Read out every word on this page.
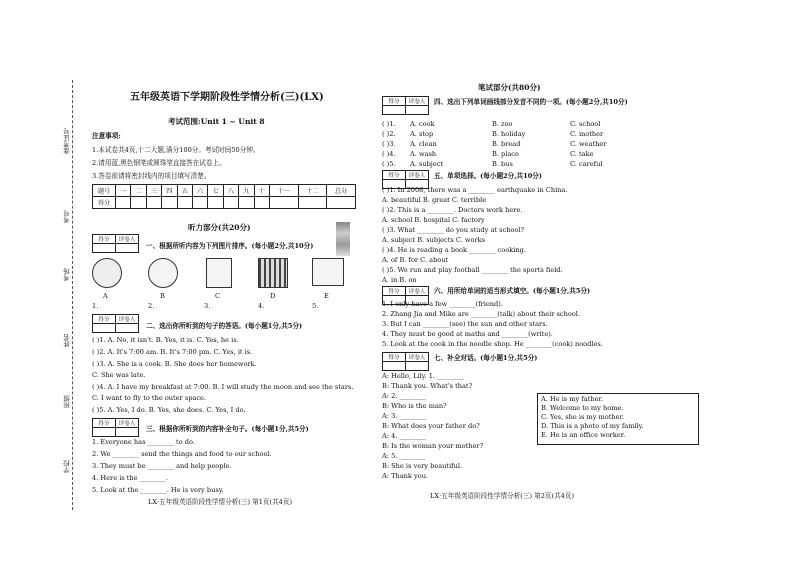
准考证号
考号
考场
姓名
班级
学校
五年级英语下学期阶段性学情分析(三)(LX)
考试范围:Unit 1 ~ Unit 8
注意事项:
1.本试卷共4页,十二大题,满分100分。考试时间50分钟。
2.请用蓝,黑色钢笔或圆珠笔直接答在试卷上。
3.答卷前请将密封线内的项目填写清楚。
题号	一	二	三	四	五	六	七	八	九	十	十一	十二	总分
得分													
听力部分(共20分)
得分	评卷人

一、根据所听内容为下列图片排序。(每小题2分,共10分)
A	B	C	D	E
1.	2.	3.	4.	5.
得分	评卷人

二、选出你所听到的句子的答语。(每小题1分,共5分)
( )1. A. No, it isn't. B. Yes, it is. C. Yes, he is.
( )2. A. It's 7:00 am. B. It's 7:00 pm. C. Yes, it is.
( )3. A. She is a cook. B. She does her homework.
C. She was late.
( )4. A. I have my breakfast at 7:00. B. I will study the moon and see the stars.
C. I want to fly to the outer space.
( )5. A. Yes, I do. B. Yes, she does. C. Yes, I do.
得分	评卷人

三、根据你所听到的内容补全句子。(每小题1分,共5分)
1. Everyone has ________ to do.
2. We ________ send the things and food to our school.
3. They must be ________ and help people.
4. Here is the ________.
5. Look at the ________. He is very busy.
LX·五年级英语阶段性学情分析(三) 第1页(共4页)
笔试部分(共80分)
得分	评卷人
	四、选出下列单词画线部分发音不同的一项。(每小题2分,共10分)
( )1. A. cook	B. zoo	C. school
( )2. A. stop	B. holiday	C. mother
( )3. A. clean	B. bread	C. weather
( )4. A. wash	B. place	C. take
( )5. A. subject	B. bus	C. careful
得分	评卷人
	五、单项选择。(每小题2分,共10分)
( )1. In 2008, there was a ________ earthquake in China.
A. beautiful B. great C. terrible
( )2. This is a ________. Doctors work here.
A. school B. hospital C. factory
( )3. What ________ do you study at school?
A. subject B. subjects C. works
( )4. He is reading a book ________ cooking.
A. of B. for C. about
( )5. We run and play football ________ the sports field.
A. in B. on
得分	评卷人
	六、用所给单词的适当形式填空。(每小题1分,共5分)
1. I only have a few ________(friend).
2. Zhang Jia and Mike are ________(talk) about their school.
3. But I can ________(see) the sun and other stars.
4. They must be good at maths and ________(write).
5. Look at the cook in the noodle shop. He ________(cook) noodles.
得分	评卷人
	七、补全对话。(每小题1分,共5分)
A: Hello, Lily. 1. ________
B: Thank you. What's that?
A: 2. ________
B: Who is the man?
A: 3. ________
B: What does your father do?
A: 4. ________
B: Is the woman your mother?
A: 5. ________
B: She is very beautiful.
A: Thank you.
A. He is my father.
B. Welcome to my home.
C. Yes, she is my mother.
D. This is a photo of my family.
E. He is an office worker.
LX·五年级英语阶段性学情分析(三) 第2页(共4页)
